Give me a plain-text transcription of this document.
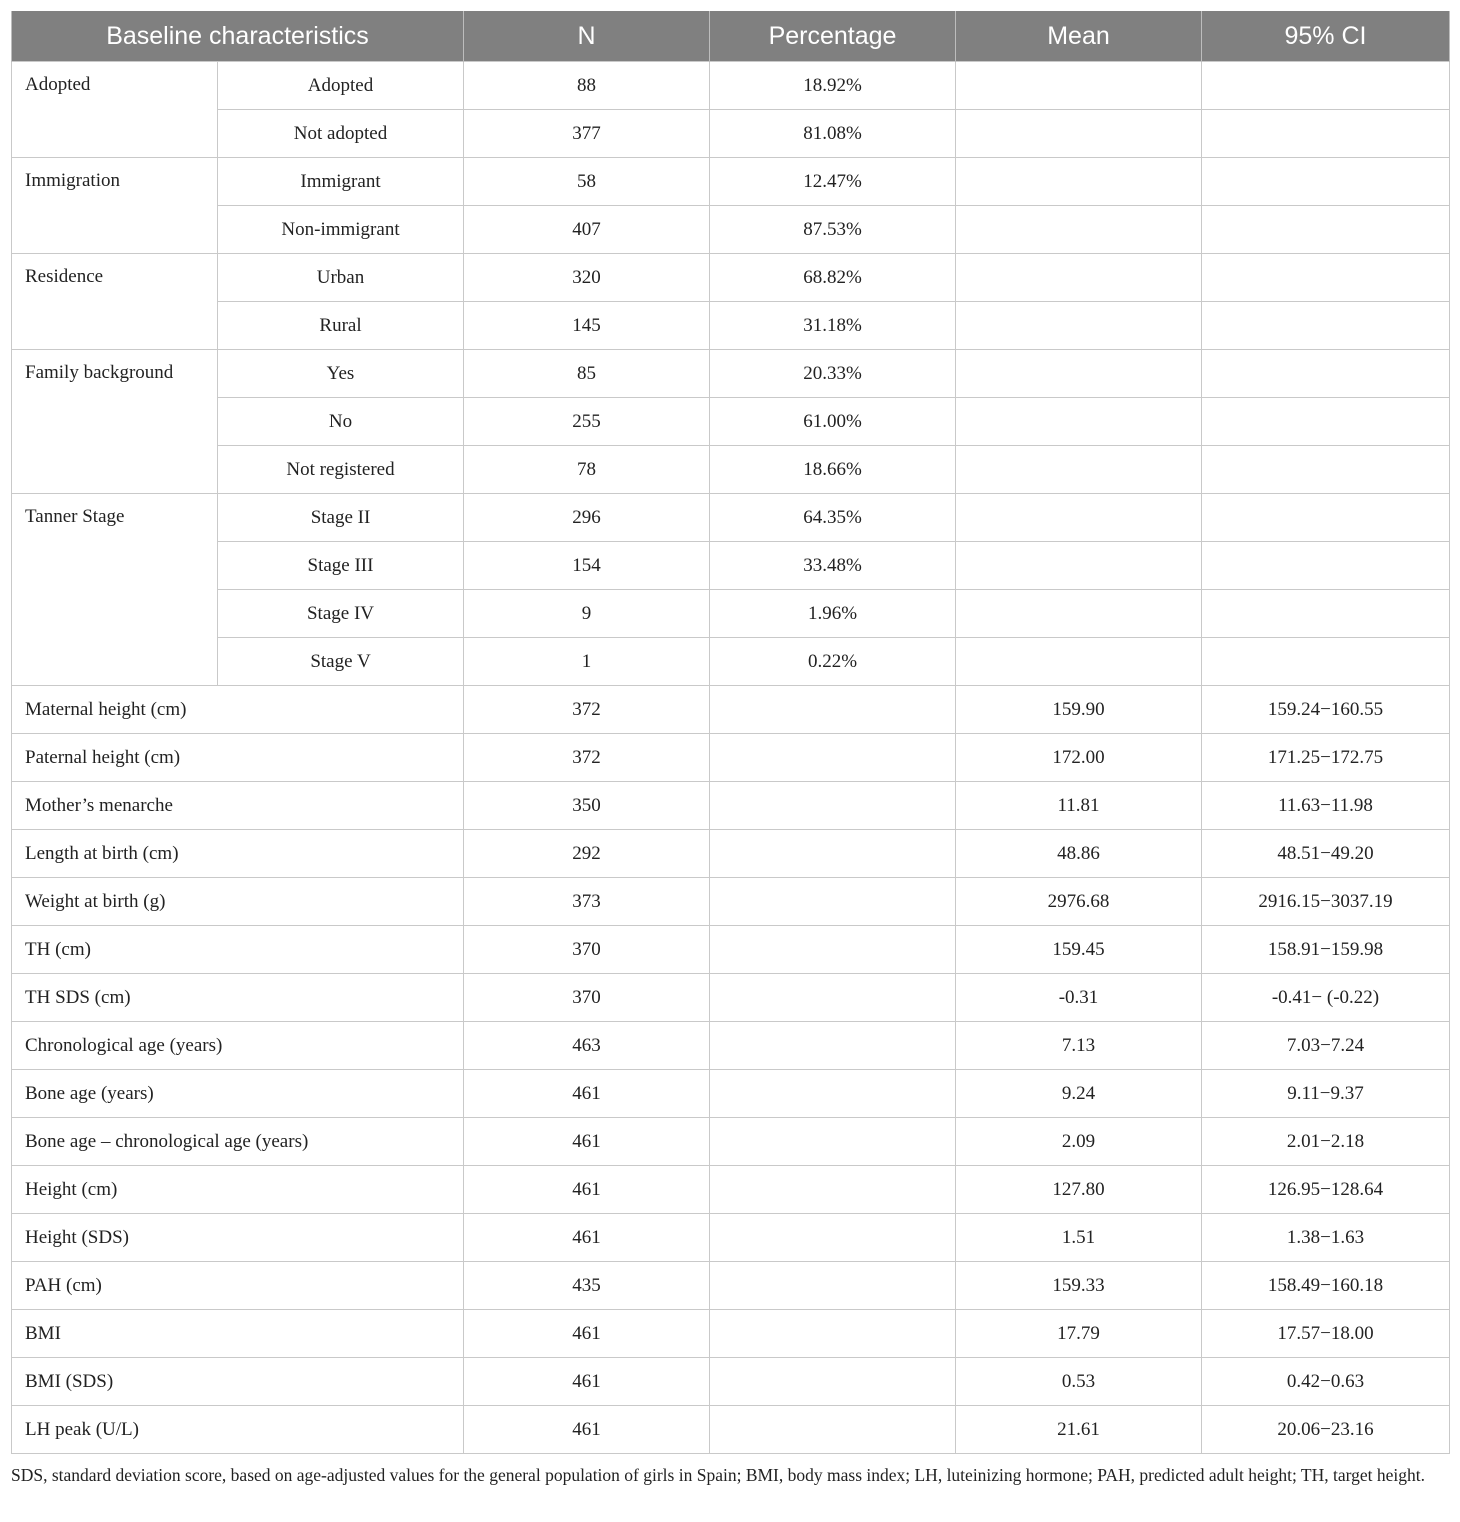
Baseline characteristics		N	Percentage	Mean	95% CI
Adopted	Adopted	88	18.92%		
	Not adopted	377	81.08%		
Immigration	Immigrant	58	12.47%		
	Non-immigrant	407	87.53%		
Residence	Urban	320	68.82%		
	Rural	145	31.18%		
Family background	Yes	85	20.33%		
	No	255	61.00%		
	Not registered	78	18.66%		
Tanner Stage	Stage II	296	64.35%		
	Stage III	154	33.48%		
	Stage IV	9	1.96%		
	Stage V	1	0.22%		
Maternal height (cm)		372		159.90	159.24−160.55
Paternal height (cm)		372		172.00	171.25−172.75
Mother’s menarche		350		11.81	11.63−11.98
Length at birth (cm)		292		48.86	48.51−49.20
Weight at birth (g)		373		2976.68	2916.15−3037.19
TH (cm)		370		159.45	158.91−159.98
TH SDS (cm)		370		-0.31	-0.41− (-0.22)
Chronological age (years)		463		7.13	7.03−7.24
Bone age (years)		461		9.24	9.11−9.37
Bone age – chronological age (years)		461		2.09	2.01−2.18
Height (cm)		461		127.80	126.95−128.64
Height (SDS)		461		1.51	1.38−1.63
PAH (cm)		435		159.33	158.49−160.18
BMI		461		17.79	17.57−18.00
BMI (SDS)		461		0.53	0.42−0.63
LH peak (U/L)		461		21.61	20.06−23.16
SDS, standard deviation score, based on age-adjusted values for the general population of girls in Spain; BMI, body mass index; LH, luteinizing hormone; PAH, predicted adult height; TH, target height.
